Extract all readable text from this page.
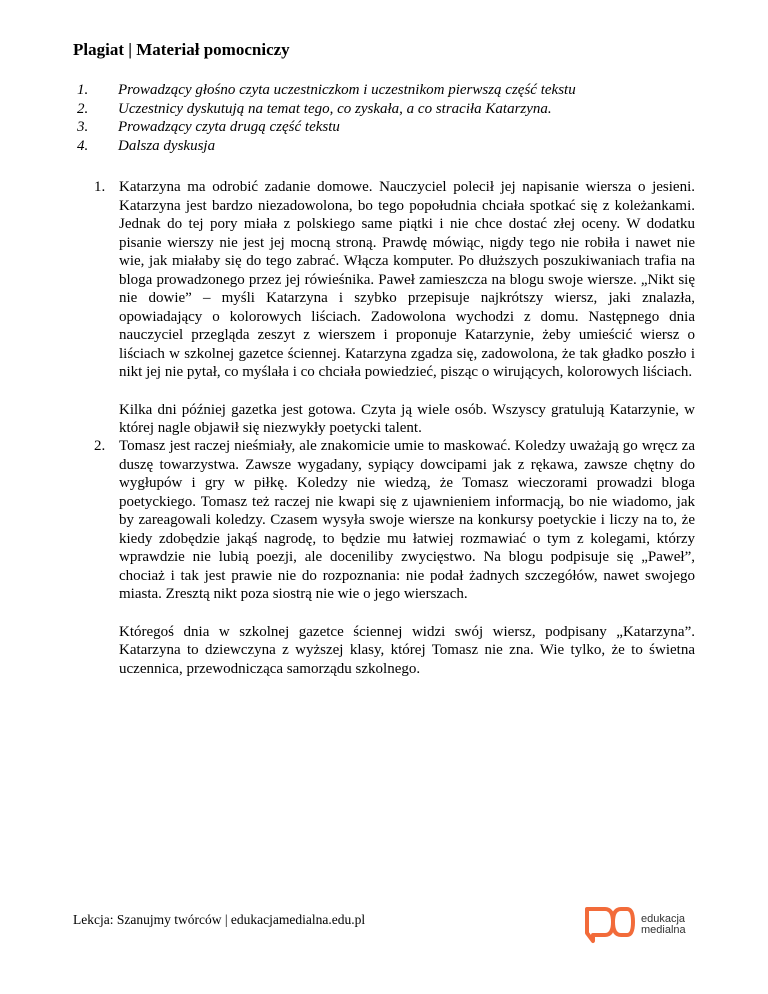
Plagiat | Materiał pomocniczy
1.	Prowadzący głośno czyta uczestniczkom i uczestnikom pierwszą część tekstu
2.	Uczestnicy dyskutują na temat tego, co zyskała, a co straciła Katarzyna.
3.	Prowadzący czyta drugą część tekstu
4.	Dalsza dyskusja
1. Katarzyna ma odrobić zadanie domowe. Nauczyciel polecił jej napisanie wiersza o jesieni. Katarzyna jest bardzo niezadowolona, bo tego popołudnia chciała spotkać się z koleżankami. Jednak do tej pory miała z polskiego same piątki i nie chce dostać złej oceny. W dodatku pisanie wierszy nie jest jej mocną stroną. Prawdę mówiąc, nigdy tego nie robiła i nawet nie wie, jak miałaby się do tego zabrać. Włącza komputer. Po dłuższych poszukiwaniach trafia na bloga prowadzonego przez jej rówieśnika. Paweł zamieszcza na blogu swoje wiersze. „Nikt się nie dowie” – myśli Katarzyna i szybko przepisuje najkrótszy wiersz, jaki znalazła, opowiadający o kolorowych liściach. Zadowolona wychodzi z domu. Następnego dnia nauczyciel przegląda zeszyt z wierszem i proponuje Katarzynie, żeby umieścić wiersz o liściach w szkolnej gazetce ściennej. Katarzyna zgadza się, zadowolona, że tak gładko poszło i nikt jej nie pytał, co myślała i co chciała powiedzieć, pisząc o wirujących, kolorowych liściach.

Kilka dni później gazetka jest gotowa. Czyta ją wiele osób. Wszyscy gratulują Katarzynie, w której nagle objawił się niezwykły poetycki talent.

2. Tomasz jest raczej nieśmiały, ale znakomicie umie to maskować. Koledzy uważają go wręcz za duszę towarzystwa. Zawsze wygadany, sypiący dowcipami jak z rękawa, zawsze chętny do wygłupów i gry w piłkę. Koledzy nie wiedzą, że Tomasz wieczorami prowadzi bloga poetyckiego. Tomasz też raczej nie kwapi się z ujawnieniem informacją, bo nie wiadomo, jak by zareagowali koledzy. Czasem wysyła swoje wiersze na konkursy poetyckie i liczy na to, że kiedy zdobędzie jakąś nagrodę, to będzie mu łatwiej rozmawiać o tym z kolegami, którzy wprawdzie nie lubią poezji, ale doceniliby zwycięstwo. Na blogu podpisuje się „Paweł”, chociaż i tak jest prawie nie do rozpoznania: nie podał żadnych szczegółów, nawet swojego miasta. Zresztą nikt poza siostrą nie wie o jego wierszach.

Któregoś dnia w szkolnej gazetce ściennej widzi swój wiersz, podpisany „Katarzyna”. Katarzyna to dziewczyna z wyższej klasy, której Tomasz nie zna. Wie tylko, że to świetna uczennica, przewodnicząca samorządu szkolnego.

Lekcja: Szanujmy twórców | edukacjamedialna.edu.pl	edukacja
medialna
